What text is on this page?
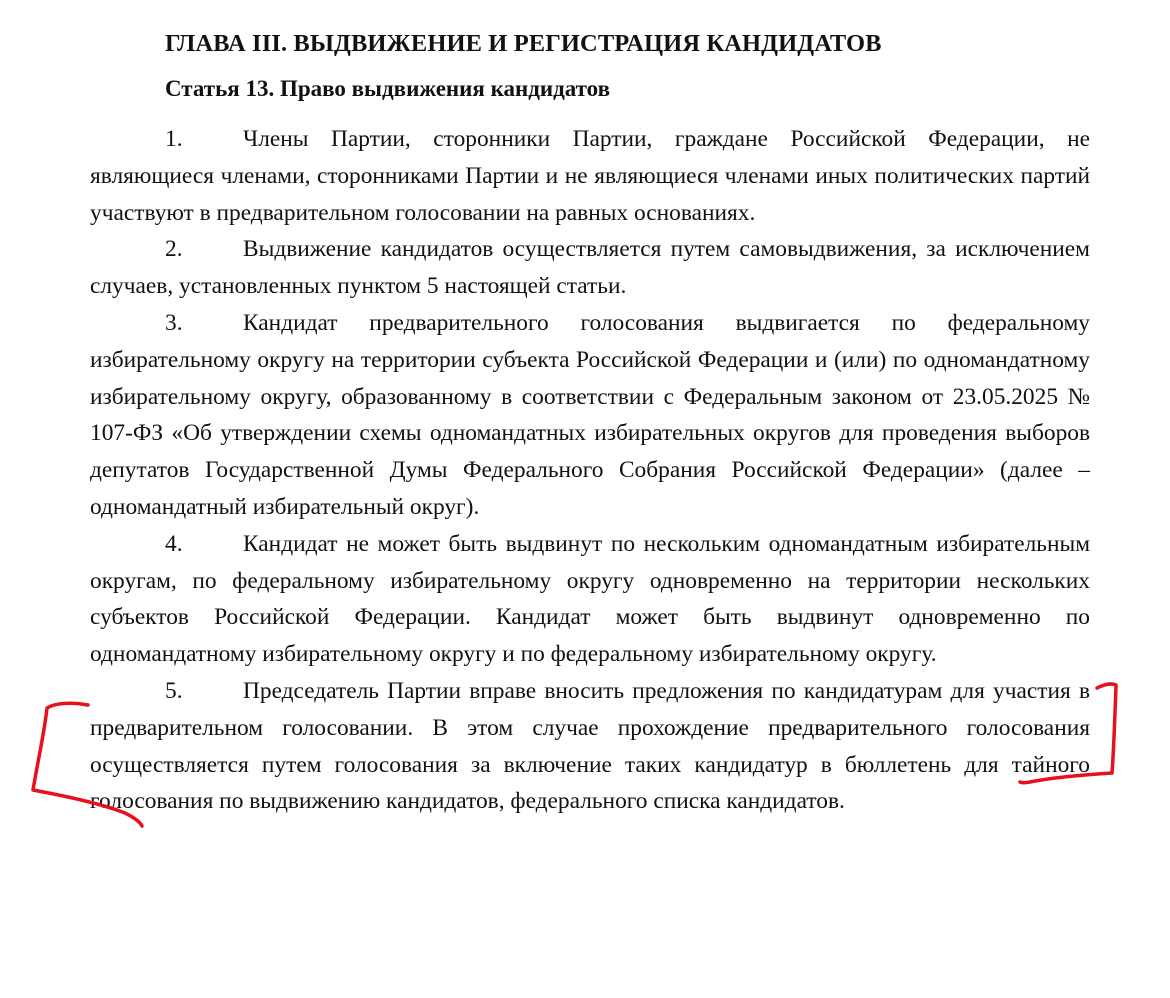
ГЛАВА III. ВЫДВИЖЕНИЕ И РЕГИСТРАЦИЯ КАНДИДАТОВ
Статья 13. Право выдвижения кандидатов

1.	Члены Партии, сторонники Партии, граждане Российской Федерации, не являющиеся членами, сторонниками Партии и не являющиеся членами иных политических партий участвуют в предварительном голосовании на равных основаниях.

2.	Выдвижение кандидатов осуществляется путем самовыдвижения, за исключением случаев, установленных пунктом 5 настоящей статьи.

3.	Кандидат предварительного голосования выдвигается по федеральному избирательному округу на территории субъекта Российской Федерации и (или) по одномандатному избирательному округу, образованному в соответствии с Федеральным законом от 23.05.2025 № 107-ФЗ «Об утверждении схемы одномандатных избирательных округов для проведения выборов депутатов Государственной Думы Федерального Собрания Российской Федерации» (далее – одномандатный избирательный округ).

4.	Кандидат не может быть выдвинут по нескольким одномандатным избирательным округам, по федеральному избирательному округу одновременно на территории нескольких субъектов Российской Федерации. Кандидат может быть выдвинут одновременно по одномандатному избирательному округу и по федеральному избирательному округу.

5.	Председатель Партии вправе вносить предложения по кандидатурам для участия в предварительном голосовании. В этом случае прохождение предварительного голосования осуществляется путем голосования за включение таких кандидатур в бюллетень для тайного голосования по выдвижению кандидатов, федерального списка кандидатов.
